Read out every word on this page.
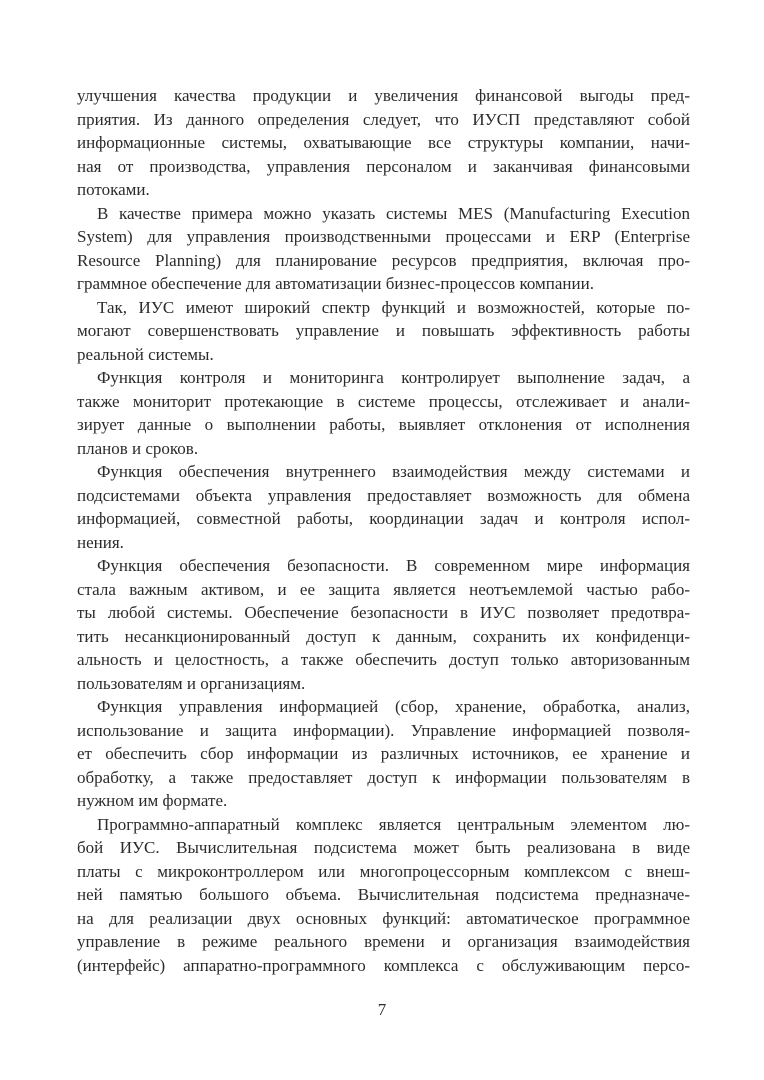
улучшения качества продукции и увеличения финансовой выгоды пред-
приятия. Из данного определения следует, что ИУСП представляют собой
информационные системы, охватывающие все структуры компании, начи-
ная от производства, управления персоналом и заканчивая финансовыми
потоками.
В качестве примера можно указать системы MES (Manufacturing Execution
System) для управления производственными процессами и ERP (Enterprise
Resource Planning) для планирование ресурсов предприятия, включая про-
граммное обеспечение для автоматизации бизнес-процессов компании.
Так, ИУС имеют широкий спектр функций и возможностей, которые по-
могают совершенствовать управление и повышать эффективность работы
реальной системы.
Функция контроля и мониторинга контролирует выполнение задач, а
также мониторит протекающие в системе процессы, отслеживает и анали-
зирует данные о выполнении работы, выявляет отклонения от исполнения
планов и сроков.
Функция обеспечения внутреннего взаимодействия между системами и
подсистемами объекта управления предоставляет возможность для обмена
информацией, совместной работы, координации задач и контроля испол-
нения.
Функция обеспечения безопасности. В современном мире информация
стала важным активом, и ее защита является неотъемлемой частью рабо-
ты любой системы. Обеспечение безопасности в ИУС позволяет предотвра-
тить несанкционированный доступ к данным, сохранить их конфиденци-
альность и целостность, а также обеспечить доступ только авторизованным
пользователям и организациям.
Функция управления информацией (сбор, хранение, обработка, анализ,
использование и защита информации). Управление информацией позволя-
ет обеспечить сбор информации из различных источников, ее хранение и
обработку, а также предоставляет доступ к информации пользователям в
нужном им формате.
Программно-аппаратный комплекс является центральным элементом лю-
бой ИУС. Вычислительная подсистема может быть реализована в виде
платы с микроконтроллером или многопроцессорным комплексом с внеш-
ней памятью большого объема. Вычислительная подсистема предназначе-
на для реализации двух основных функций: автоматическое программное
управление в режиме реального времени и организация взаимодействия
(интерфейс) аппаратно-программного комплекса с обслуживающим персо-
7
